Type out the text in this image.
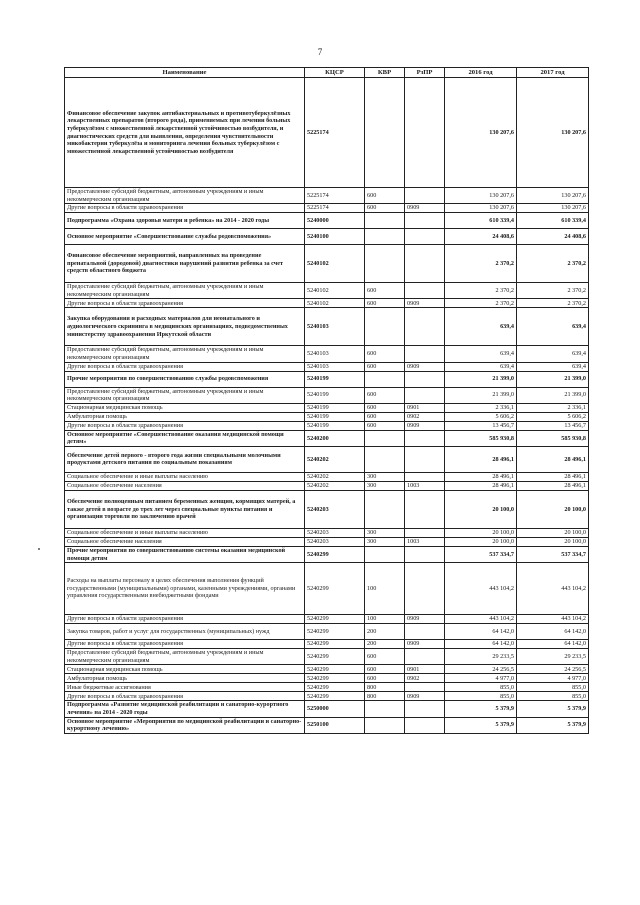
7
Наименование	КЦСР	КВР	РзПР	2016 год	2017 год
Финансовое обеспечение закупок антибактериальных и противотуберкулёзных лекарственных препаратов (второго ряда), применяемых при лечении больных туберкулёзом с множественной лекарственной устойчивостью возбудителя, и диагностических средств для выявления, определения чувствительности микобактерии туберкулёза и мониторинга лечения больных туберкулёзом с множественной лекарственной устойчивостью возбудителя	5225174			130 207,6	130 207,6
Предоставление субсидий бюджетным, автономным учреждениям и иным некоммерческим организациям	5225174	600		130 207,6	130 207,6
Другие вопросы в области здравоохранения	5225174	600	0909	130 207,6	130 207,6
Подпрограмма «Охрана здоровья матери и ребенка» на 2014 - 2020 годы	5240000			610 339,4	610 339,4
Основное мероприятие «Совершенствование службы родовспоможения»	5240100			24 408,6	24 408,6
Финансовое обеспечение мероприятий, направленных на проведение пренатальной (дородовой) диагностики нарушений развития ребенка за счет средств областного бюджета	5240102			2 370,2	2 370,2
Предоставление субсидий бюджетным, автономным учреждениям и иным некоммерческим организациям	5240102	600		2 370,2	2 370,2
Другие вопросы в области здравоохранения	5240102	600	0909	2 370,2	2 370,2
Закупка оборудования и расходных материалов для неонатального и аудиологического скрининга в медицинских организациях, подведомственных министерству здравоохранения Иркутской области	5240103			639,4	639,4
Предоставление субсидий бюджетным, автономным учреждениям и иным некоммерческим организациям	5240103	600		639,4	639,4
Другие вопросы в области здравоохранения	5240103	600	0909	639,4	639,4
Прочие мероприятия по совершенствованию службы родовспоможения	5240199			21 399,0	21 399,0
Предоставление субсидий бюджетным, автономным учреждениям и иным некоммерческим организациям	5240199	600		21 399,0	21 399,0
Стационарная медицинская помощь	5240199	600	0901	2 336,1	2 336,1
Амбулаторная помощь	5240199	600	0902	5 606,2	5 606,2
Другие вопросы в области здравоохранения	5240199	600	0909	13 456,7	13 456,7
Основное мероприятие «Совершенствование оказания медицинской помощи детям»	5240200			585 930,8	585 930,8
Обеспечение детей первого - второго года жизни специальными молочными продуктами детского питания по социальным показаниям	5240202			28 496,1	28 496,1
Социальное обеспечение и иные выплаты населению	5240202	300		28 496,1	28 496,1
Социальное обеспечение населения	5240202	300	1003	28 496,1	28 496,1
Обеспечение полноценным питанием беременных женщин, кормящих матерей, а также детей в возрасте до трех лет через специальные пункты питания и организации торговли по заключению врачей	5240203			20 100,0	20 100,0
Социальное обеспечение и иные выплаты населению	5240203	300		20 100,0	20 100,0
Социальное обеспечение населения	5240203	300	1003	20 100,0	20 100,0
Прочие мероприятия по совершенствованию системы оказания медицинской помощи детям	5240299			537 334,7	537 334,7
Расходы на выплаты персоналу в целях обеспечения выполнения функций государственными (муниципальными) органами, казенными учреждениями, органами управления государственными внебюджетными фондами	5240299	100		443 104,2	443 104,2
Другие вопросы в области здравоохранения	5240299	100	0909	443 104,2	443 104,2
Закупка товаров, работ и услуг для государственных (муниципальных) нужд	5240299	200		64 142,0	64 142,0
Другие вопросы в области здравоохранения	5240299	200	0909	64 142,0	64 142,0
Предоставление субсидий бюджетным, автономным учреждениям и иным некоммерческим организациям	5240299	600		29 233,5	29 233,5
Стационарная медицинская помощь	5240299	600	0901	24 256,5	24 256,5
Амбулаторная помощь	5240299	600	0902	4 977,0	4 977,0
Иные бюджетные ассигнования	5240299	800		855,0	855,0
Другие вопросы в области здравоохранения	5240299	800	0909	855,0	855,0
Подпрограмма «Развитие медицинской реабилитации и санаторно-курортного лечения» на 2014 - 2020 годы	5250000			5 379,9	5 379,9
Основное мероприятие «Мероприятия по медицинской реабилитации и санаторно-курортному лечению»	5250100			5 379,9	5 379,9
